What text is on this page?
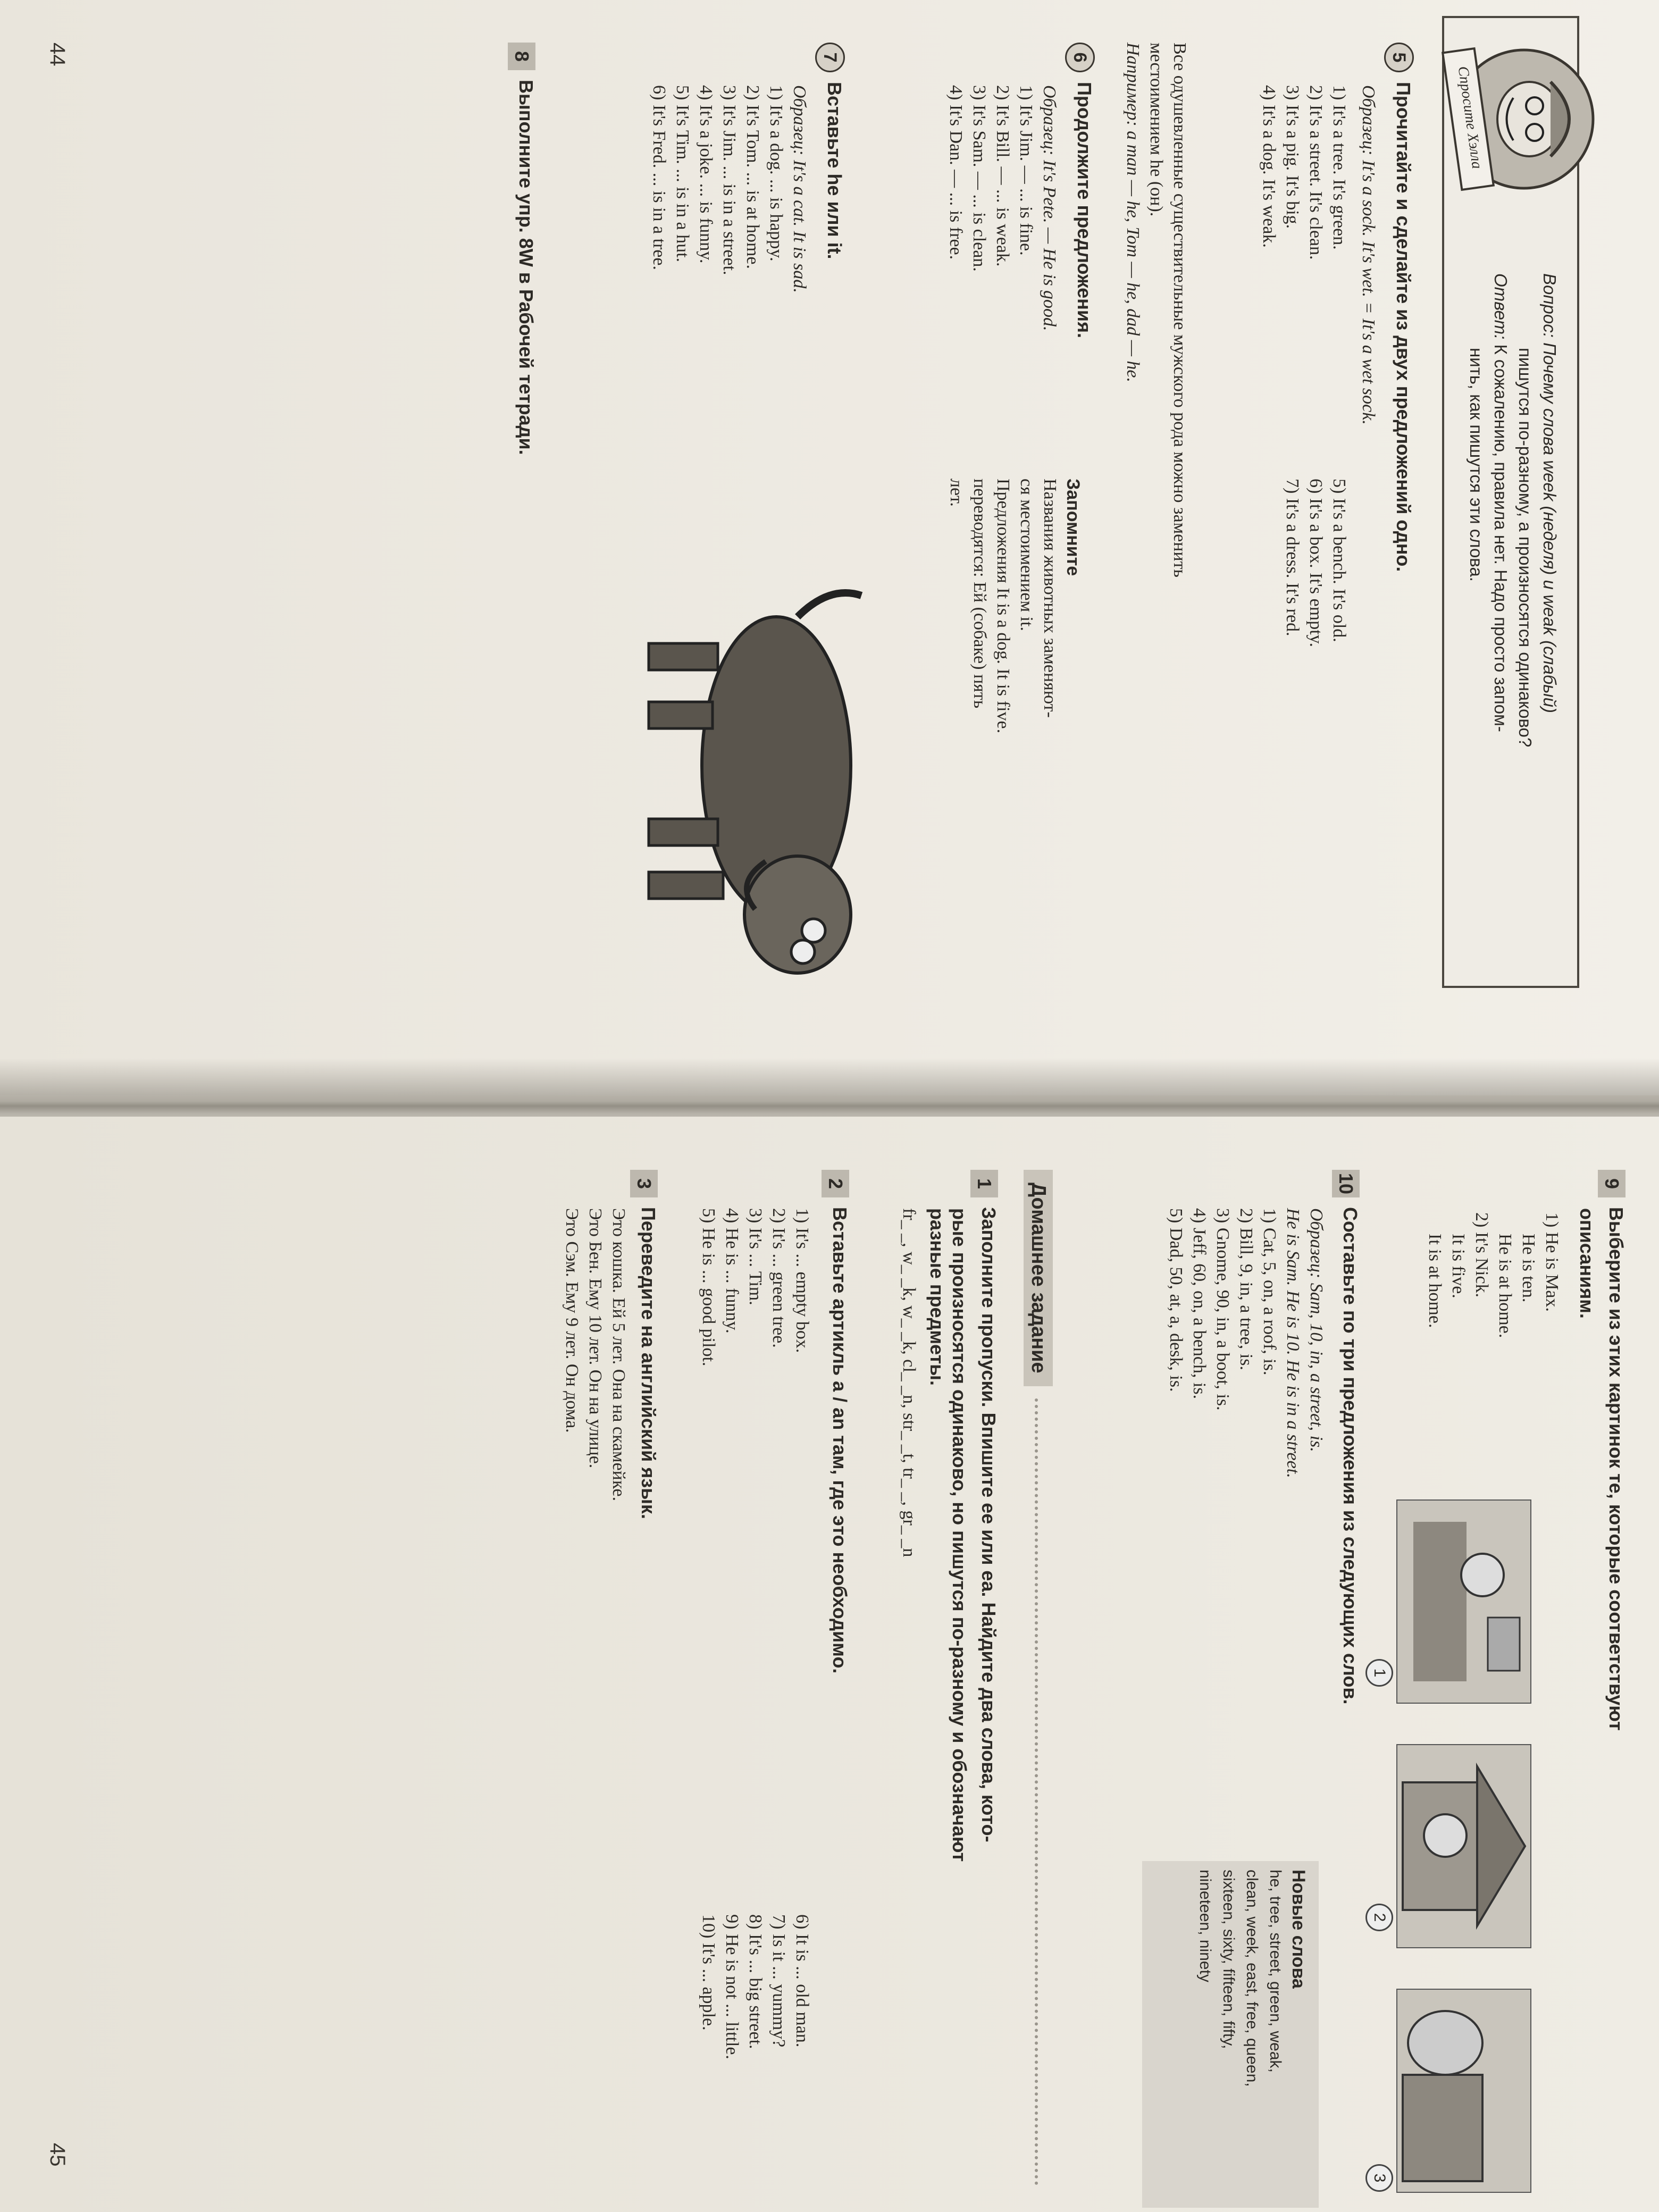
Вопрос: Почему слова week (неделя) и weak (слабый)
пишутся по-разному, а произносятся одинаково?
Ответ: К сожалению, правила нет. Надо просто запом-
нить, как пишутся эти слова.
Спросите Хэлла
5Прочитайте и сделайте из двух предложений одно.
Образец: It's a sock. It's wet. = It's a wet sock.
1) It's a tree. It's green.
2) It's a street. It's clean.
3) It's a pig. It's big.
4) It's a dog. It's weak.
5) It's a bench. It's old.
6) It's a box. It's empty.
7) It's a dress. It's red.
Все одушевленные существительные мужского рода можно заменить
местоимением he (он).
Например: a man — he, Tom — he, dad — he.
6Продолжите предложения.
Образец: It's Pete. — He is good.
1) It's Jim. — ... is fine.
2) It's Bill. — ... is weak.
3) It's Sam. — ... is clean.
4) It's Dan. — ... is free.
Запомните
Названия животных заменяют-
ся местоимением it.
Предложения It is a dog. It is five.
переводятся: Ей (собаке) пять
лет.
7Вставьте he или it.
Образец: It's a cat. It is sad.
1) It's a dog. ... is happy.
2) It's Tom. ... is at home.
3) It's Jim. ... is in a street.
4) It's a joke. ... is funny.
5) It's Tim. ... is in a hut.
6) It's Fred. ... is in a tree.
8Выполните упр. 8W в Рабочей тетради.
44
9Выберите из этих картинок те, которые соответствуют
описаниям.
1) He is Max.
He is ten.
He is at home.
2) It's Nick.
It is five.
It is at home.
1
2
3
10Составьте по три предложения из следующих слов.
Образец: Sam, 10, in, a street, is.
He is Sam. He is 10. He is in a street.
1) Cat, 5, on, a roof, is.
2) Bill, 9, in, a tree, is.
3) Gnome, 90, in, a boot, is.
4) Jeff, 60, on, a bench, is.
5) Dad, 50, at, a, desk, is.
Новые слова
he, tree, street, green, weak,
clean, week, east, free, queen,
sixteen, sixty, fifteen, fifty,
nineteen, ninety
Домашнее задание
1Заполните пропуски. Впишите ee или ea. Найдите два слова, кото-
рые произносятся одинаково, но пишутся по-разному и обозначают
разные предметы.
fr_ _, w_ _k, w_ _k, cl_ _n, str_ _t, tr_ _, gr_ _n
2Вставьте артикль a / an там, где это необходимо.
1) It's ... empty box.
2) It's ... green tree.
3) It's ... Tim.
4) He is ... funny.
5) He is ... good pilot.
6) It is ... old man.
7) Is it ... yummy?
8) It's ... big street.
9) He is not ... little.
10) It's ... apple.
3Переведите на английский язык.
Это кошка. Ей 5 лет. Она на скамейке.
Это Бен. Ему 10 лет. Он на улице.
Это Сэм. Ему 9 лет. Он дома.
45
